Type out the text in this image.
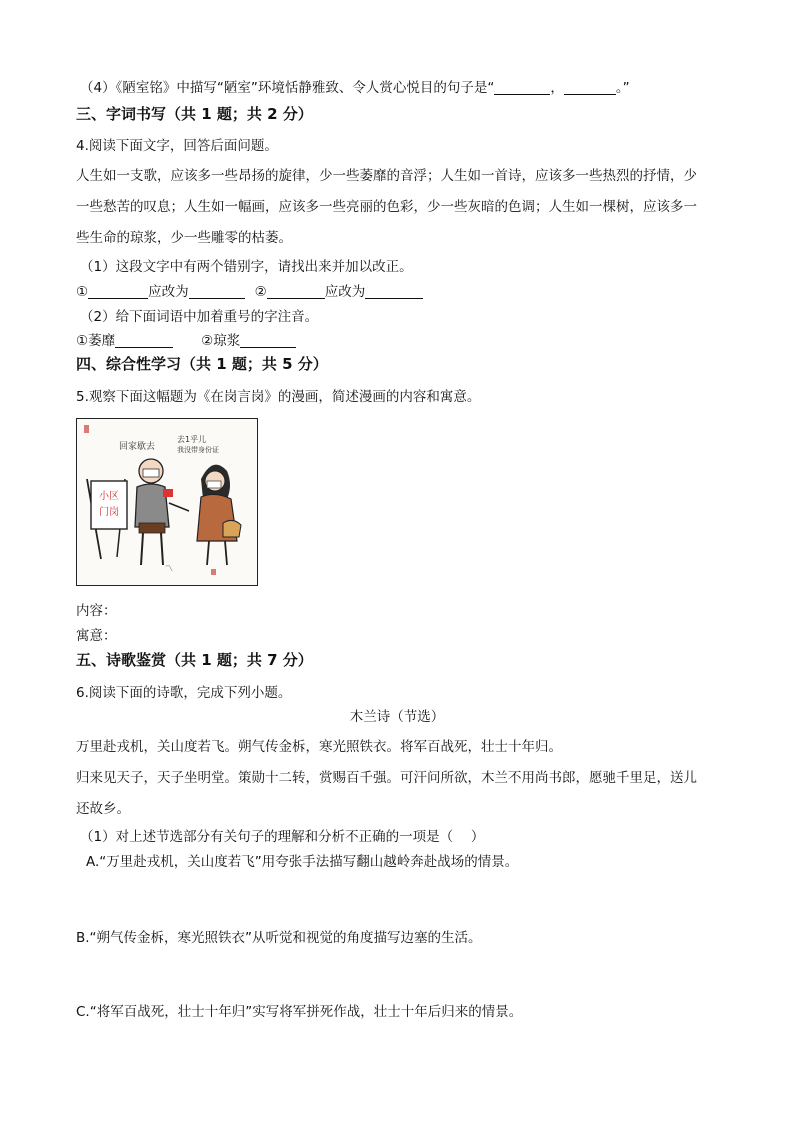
（4）《陋室铭》中描写“陋室”环境恬静雅致、令人赏心悦目的句子是“	，	。”
三、字词书写（共 1 题；共 2 分）
4.阅读下面文字，回答后面问题。
人生如一支歌，应该多一些昂扬的旋律，少一些萎靡的音浮；人生如一首诗，应该多一些热烈的抒情，少
一些愁苦的叹息；人生如一幅画，应该多一些亮丽的色彩，少一些灰暗的色调；人生如一棵树，应该多一
些生命的琼浆，少一些雕零的枯萎。
（1）这段文字中有两个错别字，请找出来并加以改正。
①	应改为	②	应改为
（2）给下面词语中加着重号的字注音。
①萎靡	②琼浆
四、综合性学习（共 1 题；共 5 分）
5.观察下面这幅题为《在岗言岗》的漫画，简述漫画的内容和寓意。
回家歇去
去1乎儿
我没带身份证
小区
门岗
〽
内容：
寓意：
五、诗歌鉴赏（共 1 题；共 7 分）
6.阅读下面的诗歌，完成下列小题。
木兰诗（节选）
万里赴戎机，关山度若飞。朔气传金柝，寒光照铁衣。将军百战死，壮士十年归。
归来见天子，天子坐明堂。策勋十二转，赏赐百千强。可汗问所欲，木兰不用尚书郎，愿驰千里足，送儿
还故乡。
（1）对上述节选部分有关句子的理解和分析不正确的一项是（　 ）
A.“万里赴戎机，关山度若飞”用夸张手法描写翻山越岭奔赴战场的情景。
B.“朔气传金柝，寒光照铁衣”从听觉和视觉的角度描写边塞的生活。
C.“将军百战死，壮士十年归”实写将军拼死作战，壮士十年后归来的情景。
